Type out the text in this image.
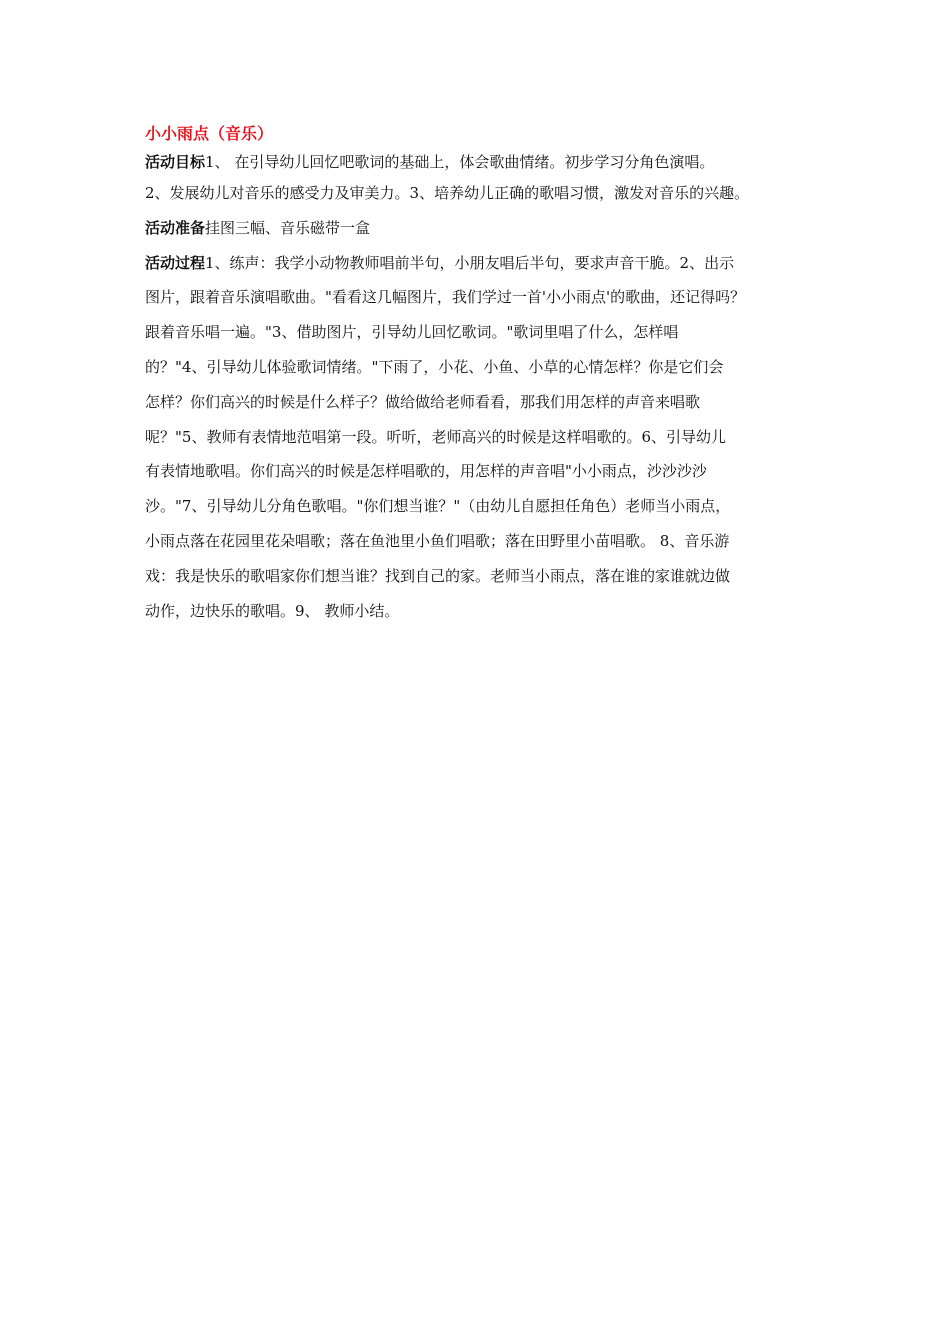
小小雨点（音乐）
活动目标1、 在引导幼儿回忆吧歌词的基础上，体会歌曲情绪。初步学习分角色演唱。
2、发展幼儿对音乐的感受力及审美力。3、培养幼儿正确的歌唱习惯，激发对音乐的兴趣。
活动准备挂图三幅、音乐磁带一盒
活动过程1、练声：我学小动物教师唱前半句，小朋友唱后半句，要求声音干脆。2、出示
图片，跟着音乐演唱歌曲。"看看这几幅图片，我们学过一首'小小雨点'的歌曲，还记得吗？
跟着音乐唱一遍。"3、借助图片，引导幼儿回忆歌词。"歌词里唱了什么，怎样唱
的？"4、引导幼儿体验歌词情绪。"下雨了，小花、小鱼、小草的心情怎样？你是它们会
怎样？你们高兴的时候是什么样子？做给做给老师看看，那我们用怎样的声音来唱歌
呢？"5、教师有表情地范唱第一段。听听，老师高兴的时候是这样唱歌的。6、引导幼儿
有表情地歌唱。你们高兴的时候是怎样唱歌的，用怎样的声音唱"小小雨点，沙沙沙沙
沙。"7、引导幼儿分角色歌唱。"你们想当谁？"（由幼儿自愿担任角色）老师当小雨点，
小雨点落在花园里花朵唱歌；落在鱼池里小鱼们唱歌；落在田野里小苗唱歌。 8、音乐游
戏：我是快乐的歌唱家你们想当谁？找到自己的家。老师当小雨点，落在谁的家谁就边做
动作，边快乐的歌唱。9、 教师小结。
